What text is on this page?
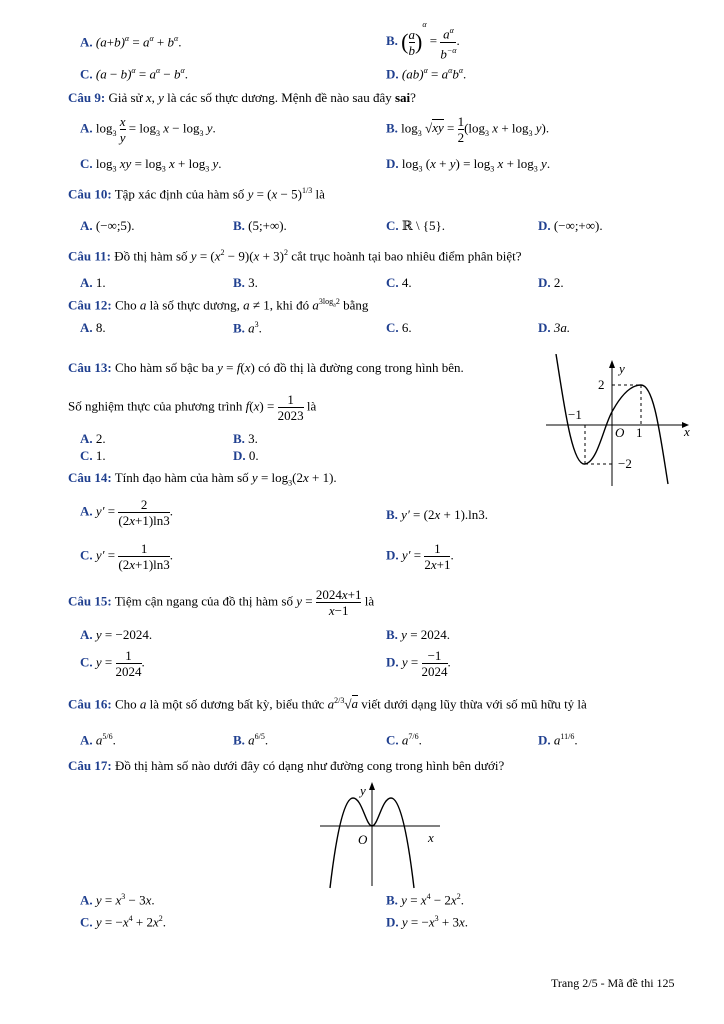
A. $(a+b)^\alpha = a^\alpha + b^\alpha$.	B. ( $\frac{a}{b} )^\alpha = \frac{a^\alpha}{b^{-\alpha}}$ .
C. $(a - b)^\alpha = a^\alpha - b^\alpha$.	D. $(ab)^\alpha = a^\alpha b^\alpha$.
Câu 9: Giả sử x, y là các số thực dương. Mệnh đề nào sau đây sai?
A. $\log_3 \frac{x}{y} = \log_3 x - \log_3 y$.	B. $\log_3 √xy = \frac{1}{2} (\log_3$ $x + \log_3 y$).
C. $\log_3$ xy = $\log_3 x + \log_3 y$.	D. $\log_3 (x + y) = \log_3 x + \log_3 y$.
Câu 10: Tập xác định của hàm số $y = (x - 5)^{1/3}$ là
A. (−∞;5).	B. (5;+∞).	C. ℝ \ {5}.	D. (−∞;+∞).
Câu 11: Đồ thị hàm số $y = (x^2 - 9)(x + 3)^2$ cắt trục hoành tại bao nhiêu điểm phân biệt?
A. 1.	B. 3.	C. 4.	D. 2.
Câu 12: Cho a là số thực dương, a ≠ 1, khi đó $a^{3log_a2}$ bằng
A. 8.	B. $a^3$.	C. 6.	D. 3a.
Câu 13: Cho hàm số bậc ba y = f(x) có đồ thị là đường cong trong hình bên.
Số nghiệm thực của phương trình $f(x) = \frac{1}{2023}$ là
A. 2.	B. 3.
C. 1.	D. 0.
y
x
O
2
−2
−1
1
Câu 14: Tính đạo hàm của hàm số $y = \log_3(2x + 1)$.
A. $y' = \frac{2}{(2x+1)\ln 3}$ .	B. y′ = (2x + 1).ln3.
C. $y' = \frac{1}{(2x+1)\ln 3}$ .	D. $y' = \frac{1}{2x+1}$ .
Câu 15: Tiệm cận ngang của đồ thị hàm số $y = \frac{2024x+1}{x-1}$ là
A. y = −2024.	B. y = 2024.
C. $y = \frac{1}{2024}$ .	D. $y = \frac{-1}{2024}$ .
Câu 16: Cho a là một số dương bất kỳ, biểu thức $a^{2/3}√a$ viết dưới dạng lũy thừa với số mũ hữu tỷ là
A. $a^{5/6}$.	B. $a^{6/5}$.	C. $a^{7/6}$.	D. $a^{11/6}$.
Câu 17: Đồ thị hàm số nào dưới đây có dạng như đường cong trong hình bên dưới?
y
x
O
A. $y = x^3 - 3x$.	B. $y = x^4 - 2x^2$.
C. $y = -x^4 + 2x^2$.	D. $y = -x^3 + 3x$.
Trang 2/5 - Mã đề thi 125
